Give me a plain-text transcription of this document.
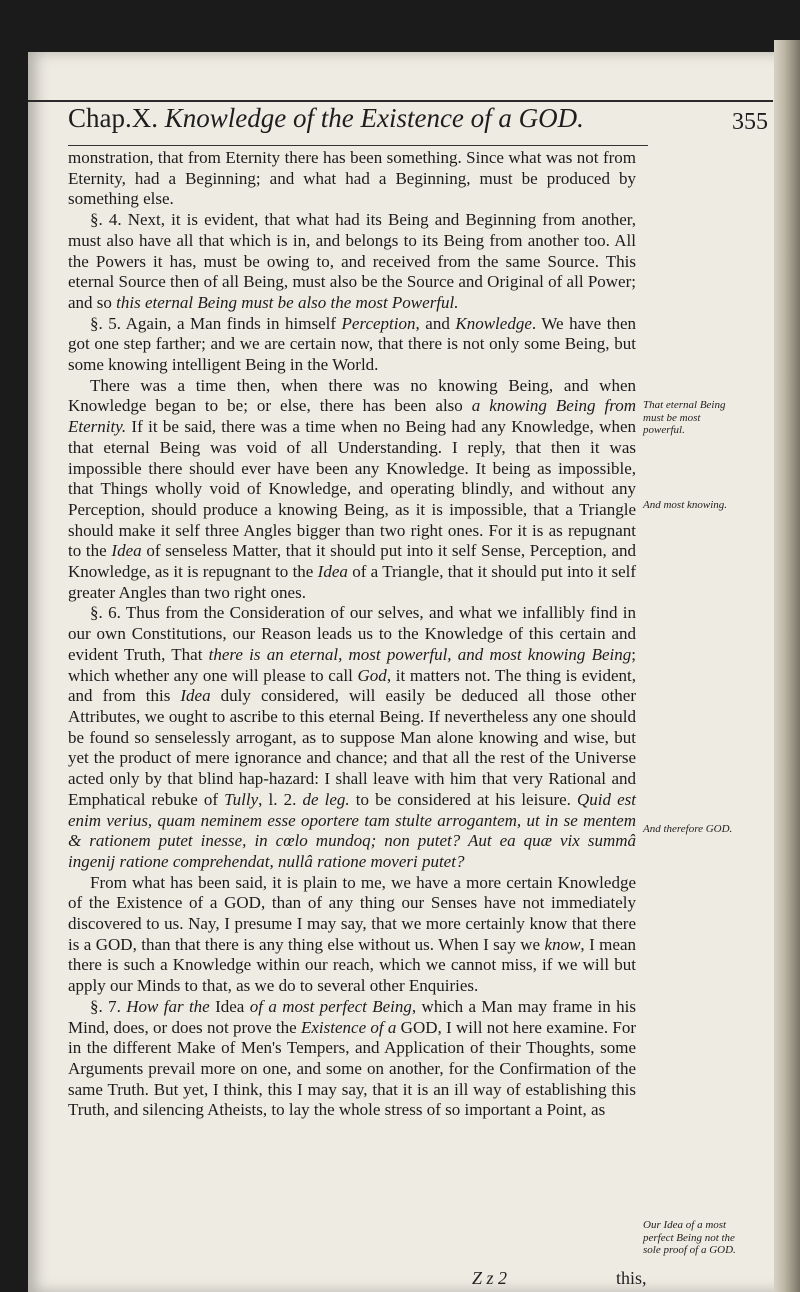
Chap.X. Knowledge of the Existence of a GOD.	355

monstration, that from Eternity there has been something. Since what was not from Eternity, had a Beginning; and what had a Beginning, must be produced by something else.

§. 4. Next, it is evident, that what had its Being and Beginning from another, must also have all that which is in, and belongs to its Being from another too. All the Powers it has, must be owing to, and received from the same Source. This eternal Source then of all Being, must also be the Source and Original of all Power; and so this eternal Being must be also the most Powerful.

§. 5. Again, a Man finds in himself Perception, and Knowledge. We have then got one step farther; and we are certain now, that there is not only some Being, but some knowing intelligent Being in the World.

There was a time then, when there was no knowing Being, and when Knowledge began to be; or else, there has been also a knowing Being from Eternity. If it be said, there was a time when no Being had any Knowledge, when that eternal Being was void of all Understanding. I reply, that then it was impossible there should ever have been any Knowledge. It being as impossible, that Things wholly void of Knowledge, and operating blindly, and without any Perception, should produce a knowing Being, as it is impossible, that a Triangle should make it self three Angles bigger than two right ones. For it is as repugnant to the Idea of senseless Matter, that it should put into it self Sense, Perception, and Knowledge, as it is repugnant to the Idea of a Triangle, that it should put into it self greater Angles than two right ones.

§. 6. Thus from the Consideration of our selves, and what we infallibly find in our own Constitutions, our Reason leads us to the Knowledge of this certain and evident Truth, That there is an eternal, most powerful, and most knowing Being; which whether any one will please to call God, it matters not. The thing is evident, and from this Idea duly considered, will easily be deduced all those other Attributes, we ought to ascribe to this eternal Being. If nevertheless any one should be found so senselessly arrogant, as to suppose Man alone knowing and wise, but yet the product of mere ignorance and chance; and that all the rest of the Universe acted only by that blind hap-hazard: I shall leave with him that very Rational and Emphatical rebuke of Tully, l. 2. de leg. to be considered at his leisure. Quid est enim verius, quam neminem esse oportere tam stulte arrogantem, ut in se mentem & rationem putet inesse, in cœlo mundoq; non putet? Aut ea quæ vix summâ ingenij ratione comprehendat, nullâ ratione moveri putet?

From what has been said, it is plain to me, we have a more certain Knowledge of the Existence of a GOD, than of any thing our Senses have not immediately discovered to us. Nay, I presume I may say, that we more certainly know that there is a GOD, than that there is any thing else without us. When I say we know, I mean there is such a Knowledge within our reach, which we cannot miss, if we will but apply our Minds to that, as we do to several other Enquiries.

§. 7. How far the Idea of a most perfect Being, which a Man may frame in his Mind, does, or does not prove the Existence of a GOD, I will not here examine. For in the different Make of Men's Tempers, and Application of their Thoughts, some Arguments prevail more on one, and some on another, for the Confirmation of the same Truth. But yet, I think, this I may say, that it is an ill way of establishing this Truth, and silencing Atheists, to lay the whole stress of so important a Point, as

That eternal Being must be most powerful.
And most knowing.
And therefore GOD.
Our Idea of a most perfect Being not the sole proof of a GOD.
Z z 2	this,
